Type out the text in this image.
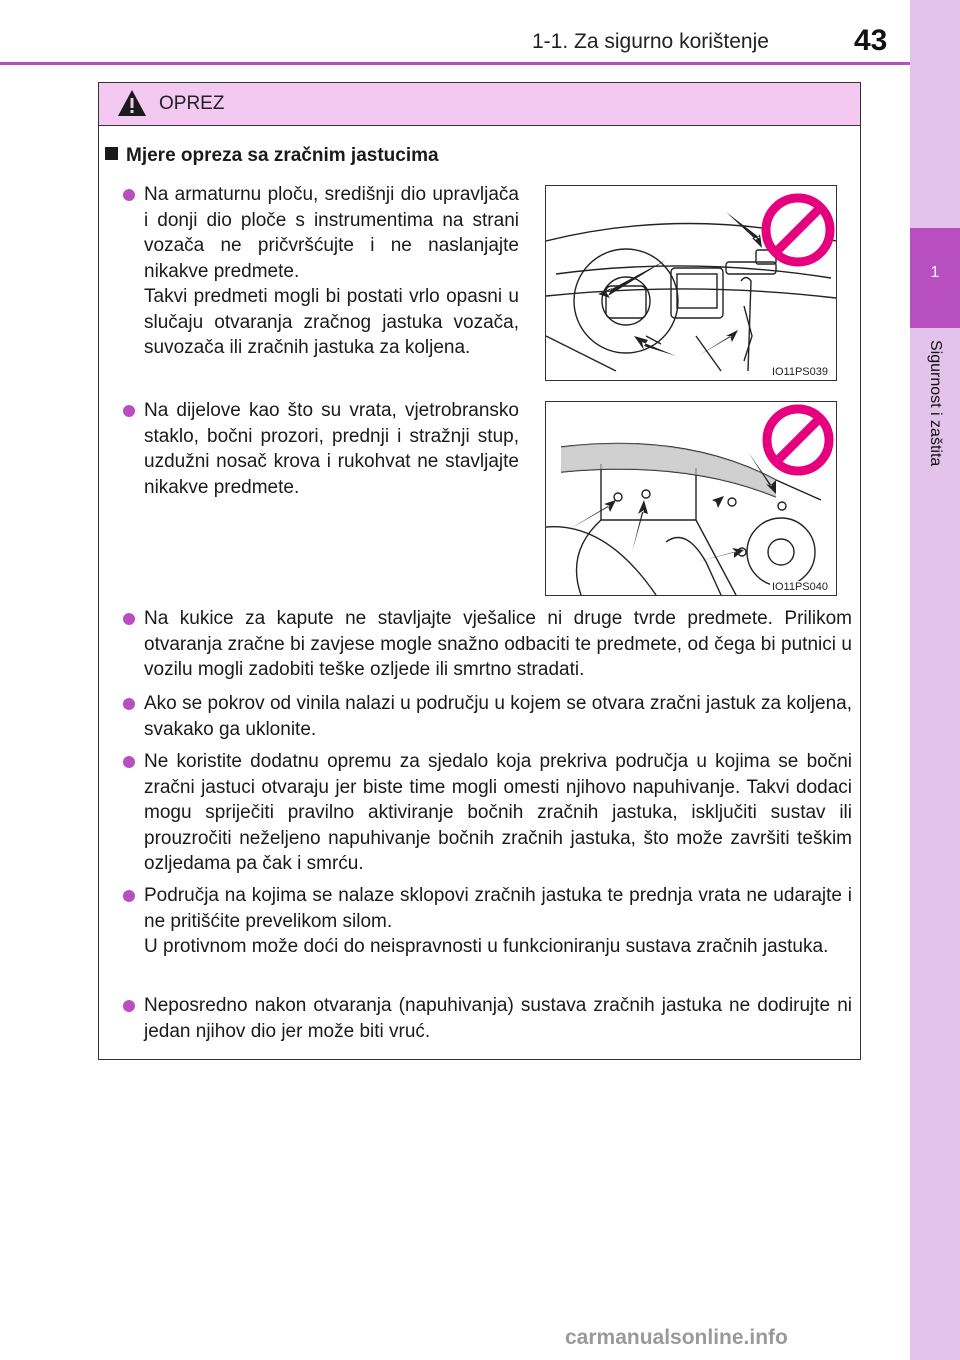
1-1. Za sigurno korištenje	43
1
Sigurnost i zaštita
OPREZ
Mjere opreza sa zračnim jastucima

Na armaturnu ploču, središnji dio upravljača i donji dio ploče s instrumentima na strani vozača ne pričvršćujte i ne naslanjajte nikakve predmete.

Takvi predmeti mogli bi postati vrlo opasni u slučaju otvaranja zračnog jastuka vozača, suvozača ili zračnih jastuka za koljena.

IO11PS039

Na dijelove kao što su vrata, vjetrobransko staklo, bočni prozori, prednji i stražnji stup, uzdužni nosač krova i rukohvat ne stavljajte nikakve predmete.

IO11PS040

Na kukice za kapute ne stavljajte vješalice ni druge tvrde predmete. Prilikom otvaranja zračne bi zavjese mogle snažno odbaciti te predmete, od čega bi putnici u vozilu mogli zadobiti teške ozljede ili smrtno stradati.

Ako se pokrov od vinila nalazi u području u kojem se otvara zračni jastuk za koljena, svakako ga uklonite.

Ne koristite dodatnu opremu za sjedalo koja prekriva područja u kojima se bočni zračni jastuci otvaraju jer biste time mogli omesti njihovo napuhivanje. Takvi dodaci mogu spriječiti pravilno aktiviranje bočnih zračnih jastuka, isključiti sustav ili prouzročiti neželjeno napuhivanje bočnih zračnih jastuka, što može završiti teškim ozljedama pa čak i smrću.

Područja na kojima se nalaze sklopovi zračnih jastuka te prednja vrata ne udarajte i ne pritišćite prevelikom silom.

U protivnom može doći do neispravnosti u funkcioniranju sustava zračnih jastuka.

Neposredno nakon otvaranja (napuhivanja) sustava zračnih jastuka ne dodirujte ni jedan njihov dio jer može biti vruć.

carmanualsonline.info
